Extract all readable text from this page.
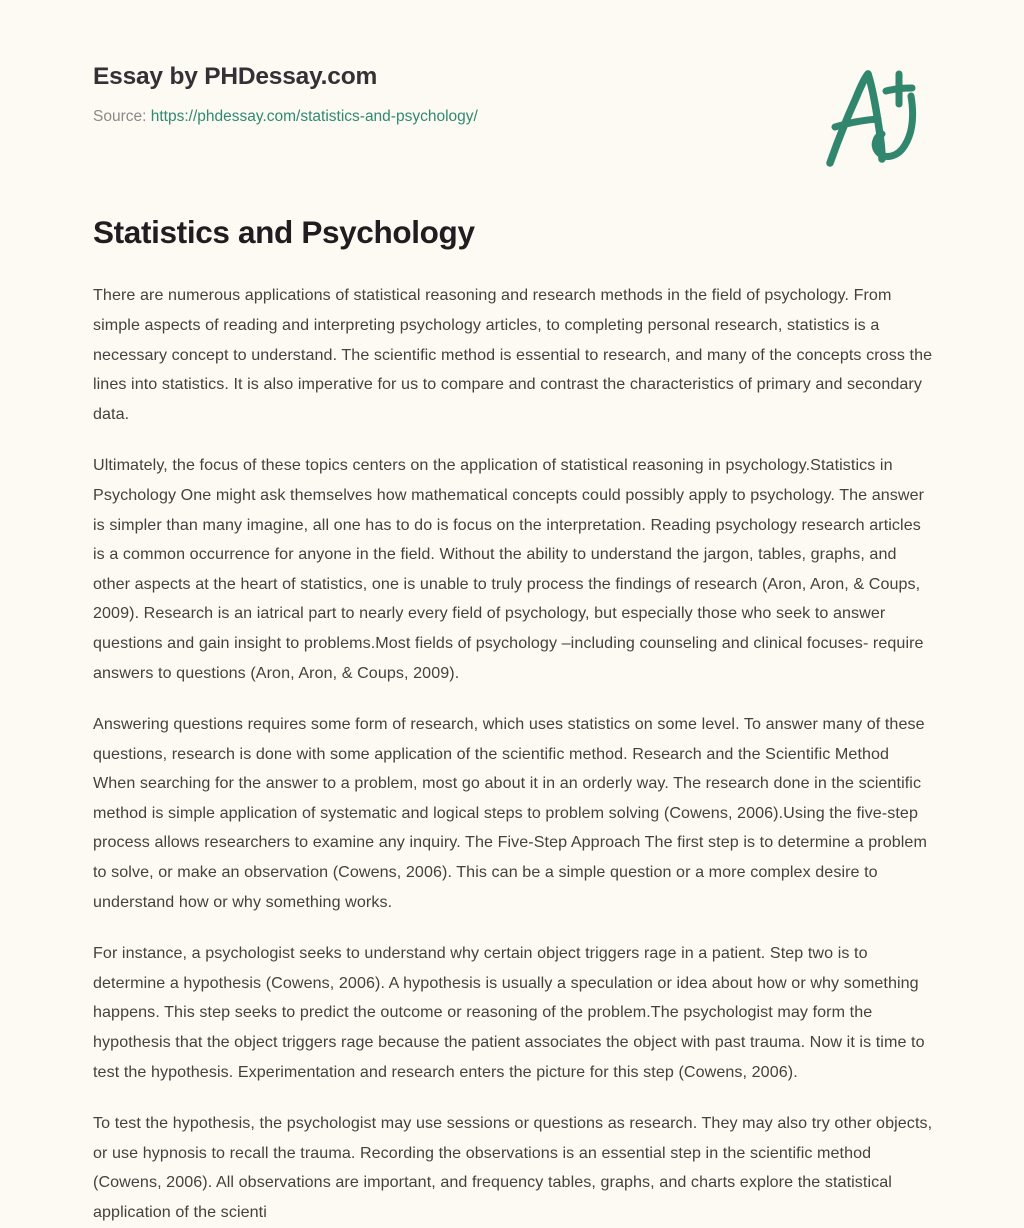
Essay by PHDessay.com
Source: https://phdessay.com/statistics-and-psychology/
Statistics and Psychology

There are numerous applications of statistical reasoning and research methods in the field of psychology. From simple aspects of reading and interpreting psychology articles, to completing personal research, statistics is a necessary concept to understand. The scientific method is essential to research, and many of the concepts cross the lines into statistics. It is also imperative for us to compare and contrast the characteristics of primary and secondary data.

Ultimately, the focus of these topics centers on the application of statistical reasoning in psychology.Statistics in Psychology One might ask themselves how mathematical concepts could possibly apply to psychology. The answer is simpler than many imagine, all one has to do is focus on the interpretation. Reading psychology research articles is a common occurrence for anyone in the field. Without the ability to understand the jargon, tables, graphs, and other aspects at the heart of statistics, one is unable to truly process the findings of research (Aron, Aron, & Coups, 2009). Research is an iatrical part to nearly every field of psychology, but especially those who seek to answer questions and gain insight to problems.Most fields of psychology –including counseling and clinical focuses- require answers to questions (Aron, Aron, & Coups, 2009).

Answering questions requires some form of research, which uses statistics on some level. To answer many of these questions, research is done with some application of the scientific method. Research and the Scientific Method When searching for the answer to a problem, most go about it in an orderly way. The research done in the scientific method is simple application of systematic and logical steps to problem solving (Cowens, 2006).Using the five-step process allows researchers to examine any inquiry. The Five-Step Approach The first step is to determine a problem to solve, or make an observation (Cowens, 2006). This can be a simple question or a more complex desire to understand how or why something works.

For instance, a psychologist seeks to understand why certain object triggers rage in a patient. Step two is to determine a hypothesis (Cowens, 2006). A hypothesis is usually a speculation or idea about how or why something happens. This step seeks to predict the outcome or reasoning of the problem.The psychologist may form the hypothesis that the object triggers rage because the patient associates the object with past trauma. Now it is time to test the hypothesis. Experimentation and research enters the picture for this step (Cowens, 2006).

To test the hypothesis, the psychologist may use sessions or questions as research. They may also try other objects, or use hypnosis to recall the trauma. Recording the observations is an essential step in the scientific method (Cowens, 2006). All observations are important, and frequency tables, graphs, and charts explore the statistical application of the scienti
